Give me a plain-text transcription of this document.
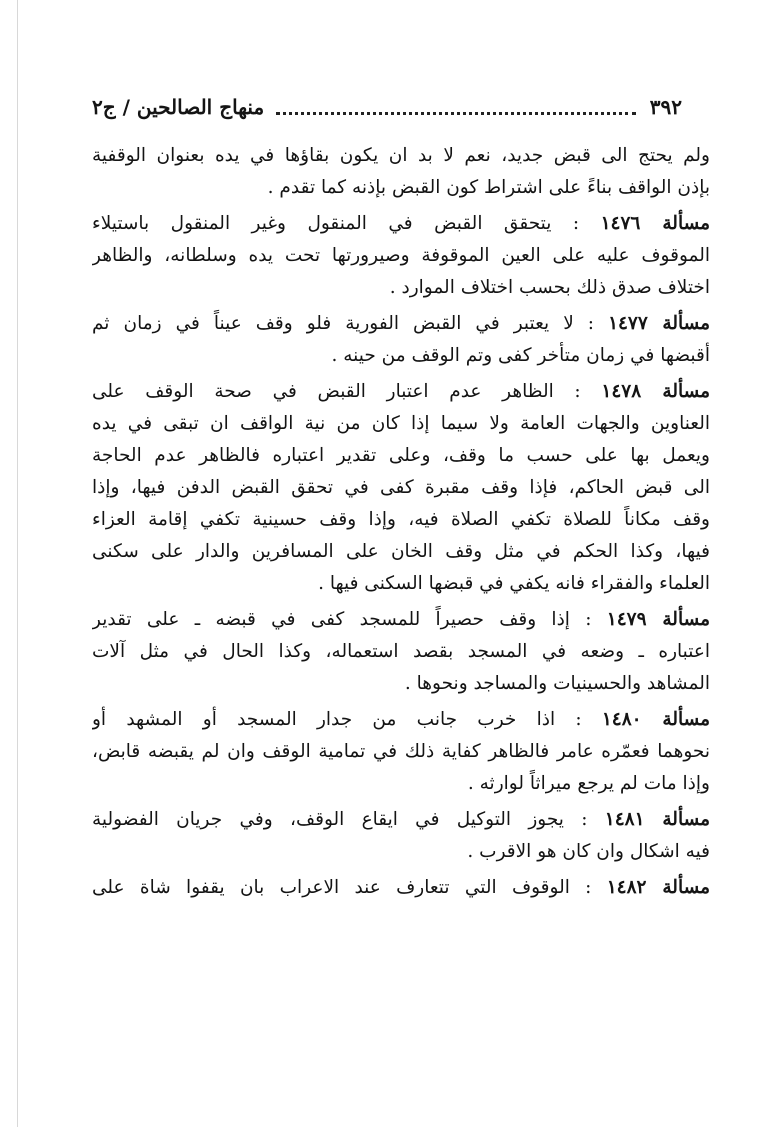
٣٩٢
منهاج الصالحين / ج٢
ولم يحتج الى قبض جديد، نعم لا بد ان يكون بقاؤها في يده بعنوان الوقفية
بإذن الواقف بناءً على اشتراط كون القبض بإذنه كما تقدم .
مسألة ١٤٧٦ : يتحقق القبض في المنقول وغير المنقول باستيلاء
الموقوف عليه على العين الموقوفة وصيرورتها تحت يده وسلطانه، والظاهر
اختلاف صدق ذلك بحسب اختلاف الموارد .
مسألة ١٤٧٧ : لا يعتبر في القبض الفورية فلو وقف عيناً في زمان ثم
أقبضها في زمان متأخر كفى وتم الوقف من حينه .
مسألة ١٤٧٨ : الظاهر عدم اعتبار القبض في صحة الوقف على
العناوين والجهات العامة ولا سيما إذا كان من نية الواقف ان تبقى في يده
ويعمل بها على حسب ما وقف، وعلى تقدير اعتباره فالظاهر عدم الحاجة
الى قبض الحاكم، فإذا وقف مقبرة كفى في تحقق القبض الدفن فيها، وإذا
وقف مكاناً للصلاة تكفي الصلاة فيه، وإذا وقف حسينية تكفي إقامة العزاء
فيها، وكذا الحكم في مثل وقف الخان على المسافرين والدار على سكنى
العلماء والفقراء فانه يكفي في قبضها السكنى فيها .
مسألة ١٤٧٩ : إذا وقف حصيراً للمسجد كفى في قبضه ـ على تقدير
اعتباره ـ وضعه في المسجد بقصد استعماله، وكذا الحال في مثل آلات
المشاهد والحسينيات والمساجد ونحوها .
مسألة ١٤٨٠ : اذا خرب جانب من جدار المسجد أو المشهد أو
نحوهما فعمّره عامر فالظاهر كفاية ذلك في تمامية الوقف وان لم يقبضه قابض،
وإذا مات لم يرجع ميراثاً لوارثه .
مسألة ١٤٨١ : يجوز التوكيل في ايقاع الوقف، وفي جريان الفضولية
فيه اشكال وان كان هو الاقرب .
مسألة ١٤٨٢ : الوقوف التي تتعارف عند الاعراب بان يقفوا شاة على
